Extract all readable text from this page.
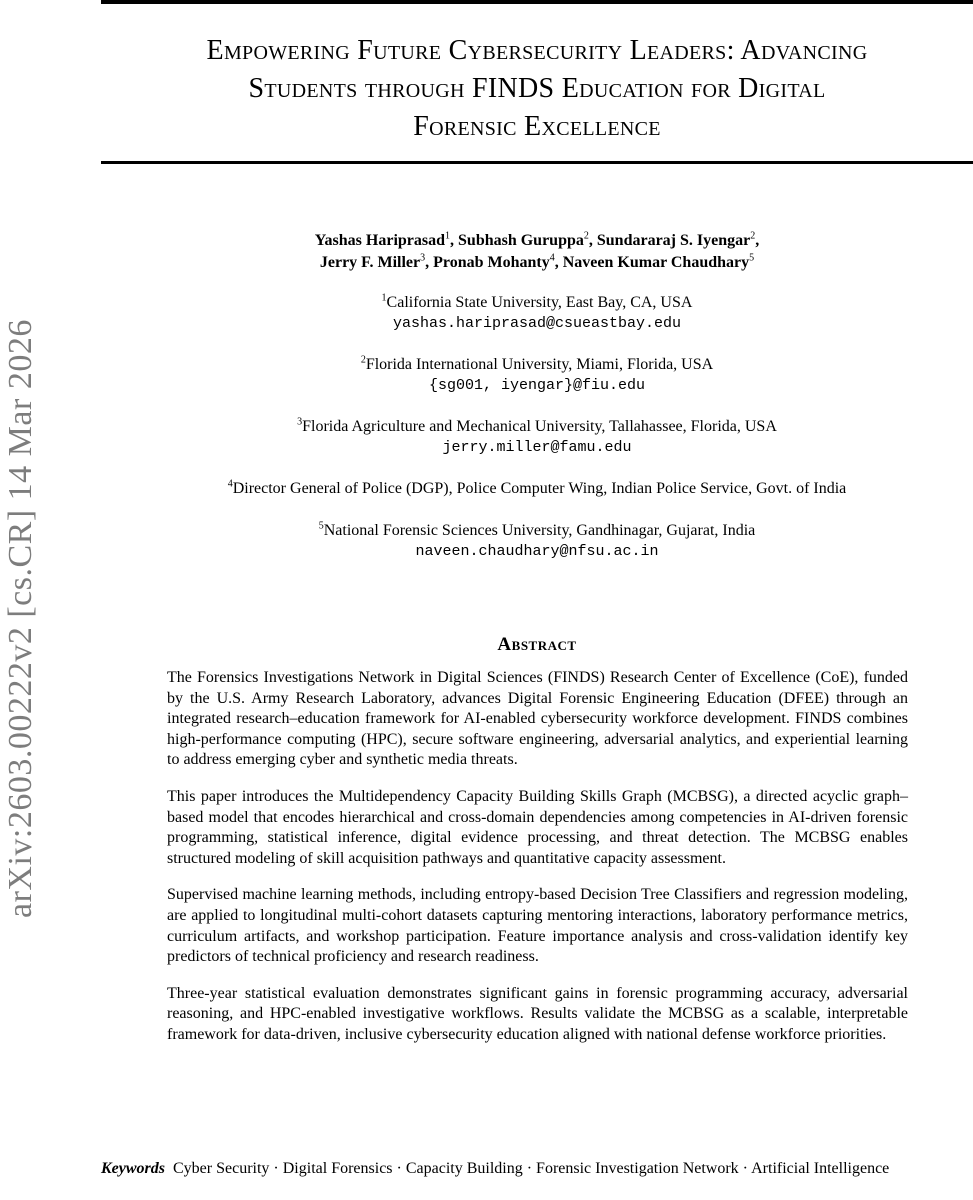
Empowering Future Cybersecurity Leaders: Advancing
Students through FINDS Education for Digital
Forensic Excellence
arXiv:2603.00222v2 [cs.CR] 14 Mar 2026
Yashas Hariprasad$^1$, Subhash Guruppa$^2$, Sundararaj S. Iyengar$^2$,
Jerry F. Miller$^3$, Pronab Mohanty$^4$, Naveen Kumar Chaudhary$^5$
$^1$California State University, East Bay, CA, USA
yashas.hariprasad@csueastbay.edu
$^2$Florida International University, Miami, Florida, USA
{sg001, iyengar}@fiu.edu
$^3$Florida Agriculture and Mechanical University, Tallahassee, Florida, USA
jerry.miller@famu.edu
$^4$Director General of Police (DGP), Police Computer Wing, Indian Police Service, Govt. of India
$^5$National Forensic Sciences University, Gandhinagar, Gujarat, India
naveen.chaudhary@nfsu.ac.in
Abstract

The Forensics Investigations Network in Digital Sciences (FINDS) Research Center of Excellence (CoE), funded by the U.S. Army Research Laboratory, advances Digital Forensic Engineering Education (DFEE) through an integrated research–education framework for AI-enabled cybersecurity workforce development. FINDS combines high-performance computing (HPC), secure software engineering, adversarial analytics, and experiential learning to address emerging cyber and synthetic media threats.

This paper introduces the Multidependency Capacity Building Skills Graph (MCBSG), a directed acyclic graph–based model that encodes hierarchical and cross-domain dependencies among competencies in AI-driven forensic programming, statistical inference, digital evidence processing, and threat detection. The MCBSG enables structured modeling of skill acquisition pathways and quantitative capacity assessment.

Supervised machine learning methods, including entropy-based Decision Tree Classifiers and regression modeling, are applied to longitudinal multi-cohort datasets capturing mentoring interactions, laboratory performance metrics, curriculum artifacts, and workshop participation. Feature importance analysis and cross-validation identify key predictors of technical proficiency and research readiness.

Three-year statistical evaluation demonstrates significant gains in forensic programming accuracy, adversarial reasoning, and HPC-enabled investigative workflows. Results validate the MCBSG as a scalable, interpretable framework for data-driven, inclusive cybersecurity education aligned with national defense workforce priorities.

Keywords Cyber Security · Digital Forensics · Capacity Building · Forensic Investigation Network · Artificial Intelligence
